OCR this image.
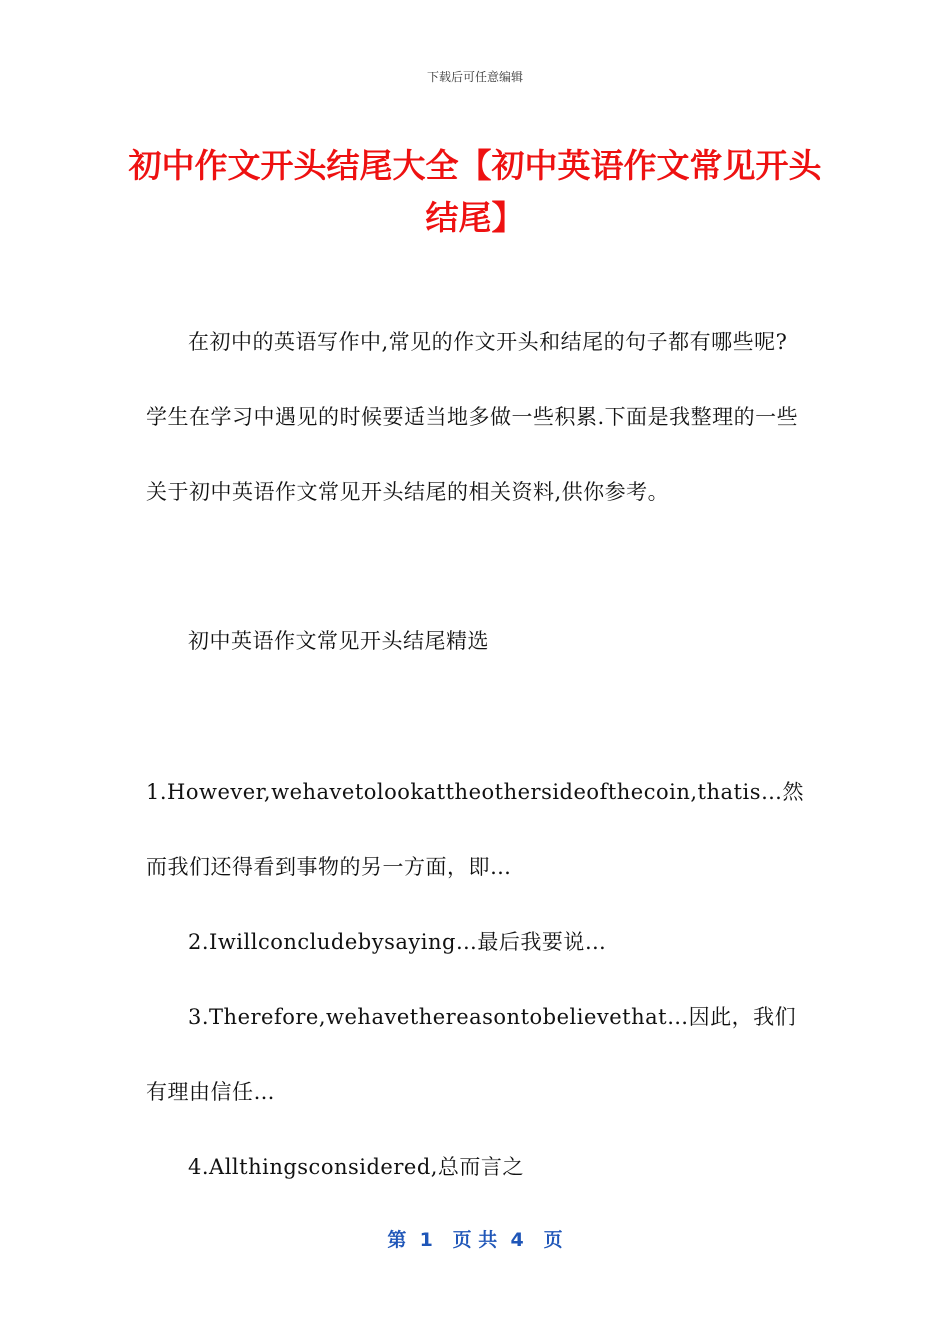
下载后可任意编辑
初中作文开头结尾大全【初中英语作文常见开头结尾】

在初中的英语写作中,常见的作文开头和结尾的句子都有哪些呢?学生在学习中遇见的时候要适当地多做一些积累.下面是我整理的一些关于初中英语作文常见开头结尾的相关资料,供你参考。

初中英语作文常见开头结尾精选

1.However,wehavetolookattheothersideofthecoin,thatis…然而我们还得看到事物的另一方面，即…

2.Iwillconcludebysaying…最后我要说…

3.Therefore,wehavethereasontobelievethat…因此，我们有理由信任…

4.Allthingsconsidered,总而言之

第  1   页 共  4   页
